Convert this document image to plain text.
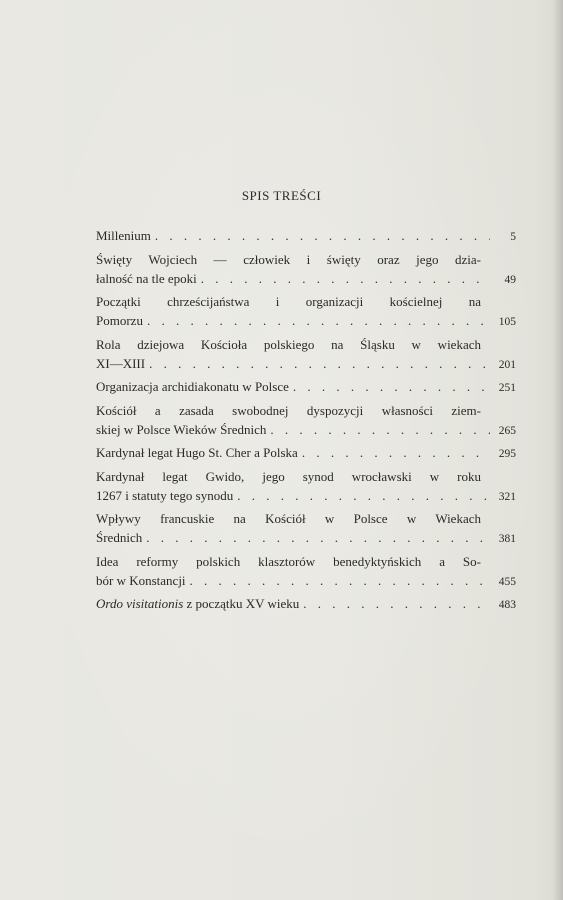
SPIS TREŚCI
Millenium . . .	5
Święty Wojciech — człowiek i święty oraz jego dzia-
łalność na tle epoki . . .	49
Początki chrześcijaństwa i organizacji kościelnej na
Pomorzu . . .	105
Rola dziejowa Kościoła polskiego na Śląsku w wiekach
XI—XIII . . .	201
Organizacja archidiakonatu w Polsce . . .	251
Kościół a zasada swobodnej dyspozycji własności ziem-
skiej w Polsce Wieków Średnich . . .	265
Kardynał legat Hugo St. Cher a Polska . . .	295
Kardynał legat Gwido, jego synod wrocławski w roku
1267 i statuty tego synodu . . .	321
Wpływy francuskie na Kościół w Polsce w Wiekach
Średnich . . .	381
Idea reformy polskich klasztorów benedyktyńskich a So-
bór w Konstancji . . .	455
Ordo visitationis z początku XV wieku . . .	483
